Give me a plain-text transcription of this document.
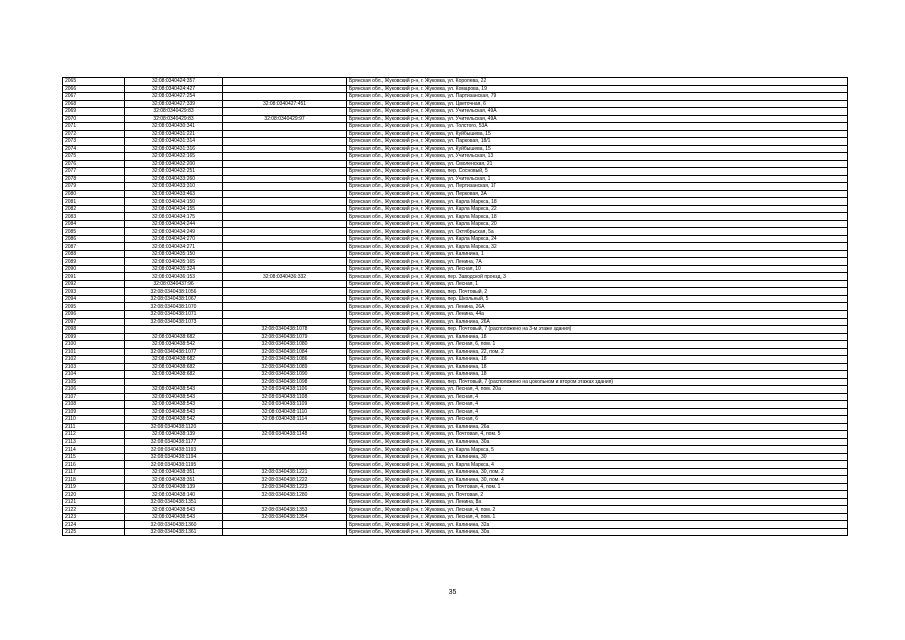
2065	32:08:0340424:357		Брянская обл., Жуковский р-н, г. Жуковка, ул. Королева, 22
2066	32:08:0340424:427		Брянская обл., Жуковский р-н, г. Жуковка, ул. Комарова, 19
2067	32:08:0340427:254		Брянская обл., Жуковский р-н, г. Жуковка, ул. Партизанская, 79
2068	32:08:0340427:339	32:08:0340427:451	Брянская обл., Жуковский р-н, г. Жуковка, ул. Цветочная, 6
2069	32:08:0340429:83		Брянская обл., Жуковский р-н, г. Жуковка, ул. Учительская, 49А
2070	32:08:0340429:83	32:08:0340429:97	Брянская обл., Жуковский р-н, г. Жуковка, ул. Учительская, 49А
2071	32:08:0340430:341		Брянская обл., Жуковский р-н, г. Жуковка, ул. Толстого, 53А
2072	32:08:0340431:221		Брянская обл., Жуковский р-н, г. Жуковка, ул. Куйбышева, 15
2073	32:08:0340431:314		Брянская обл., Жуковский р-н, г. Жуковка, ул. Парковая, 18/1
2074	32:08:0340431:316		Брянская обл., Жуковский р-н, г. Жуковка, ул. Куйбышева, 15
2075	32:08:0340432:165		Брянская обл., Жуковский р-н, г. Жуковка, ул. Учительская, 13
2076	32:08:0340432:200		Брянская обл., Жуковский р-н, г. Жуковка, ул. Смоленская, 21
2077	32:08:0340432:251		Брянская обл., Жуковский р-н, г. Жуковка, пер. Сосновый, 5
2078	32:08:0340433:260		Брянская обл., Жуковский р-н, г. Жуковка, ул. Учительская, 1
2079	32:08:0340433:310		Брянская обл., Жуковский р-н, г. Жуковка, ул. Пертизанская, 1Г
2080	32:08:0340433:463		Брянская обл., Жуковский р-н, г. Жуковка, ул. Перковая, 3А
2081	32:08:0340434:150		Брянская обл., Жуковский р-н, г. Жуковка, ул. Карла Маркса, 18
2082	32:08:0340434:155		Брянская обл., Жуковский р-н, г. Жуковка, ул. Карла Маркса, 22
2083	32:08:0340434:175		Брянская обл., Жуковский р-н, г. Жуковка, ул. Карла Маркса, 18
2084	32:08:0340434:244		Брянская обл., Жуковский р-н, г. Жуковка, ул. Карла Маркса, 20
2085	32:08:0340434:249		Брянская обл., Жуковский р-н, г. Жуковка, ул. Октябрьская, 5а
2086	32:08:0340434:270		Брянская обл., Жуковский р-н, г. Жуковка, ул. Карла Маркса, 24
2087	32:08:0340434:271		Брянская обл., Жуковский р-н, г. Жуковка, ул. Карла Маркса, 32
2088	32:08:0340435:150		Брянская обл., Жуковский р-н, г. Жуковка, ул. Калинина, 1
2089	32:08:0340435:165		Брянская обл., Жуковский р-н, г. Жуковка, ул. Ленина, 7А
2090	32:08:0340435:324		Брянская обл., Жуковский р-н, г. Жуковка, ул. Лесная, 10
2091	32:08:0340436:153	32:08:0340436:332	Брянская обл., Жуковский р-н, г. Жуковка, пер. Заводской проезд, 3
2092	32:08:0340437:96		Брянская обл., Жуковский р-н, г. Жуковка, ул. Лесная, 1
2093	32:08:0340438:1056		Брянская обл., Жуковский р-н, г. Жуковка, пер. Почтовый, 2
2094	32:08:0340438:1067		Брянская обл., Жуковский р-н, г. Жуковка, пер. Школьный, 5
2095	32:08:0340438:1070		Брянская обл., Жуковский р-н, г. Жуковка, ул. Ленина, 26А
2096	32:08:0340438:1071		Брянская обл., Жуковский р-н, г. Жуковка, ул. Ленина, 44а
2097	32:08:0340438:1073		Брянская обл., Жуковский р-н, г. Жуковка, ул. Калинина, 26А
2098		32:08:0340438:1078	Брянская обл., Жуковский р-н, г. Жуковка, пер. Почтовый, 7 (расположено на 3-м этаже здания)
2099	32:08:0340438:682	32:08:0340438:1079	Брянская обл., Жуковский р-н, г. Жуковка, ул. Калинина, 18
2100	32:08:0340438:542	32:08:0340438:1080	Брянская обл., Жуковский р-н, г. Жуковка, ул. Лесная, 6, пом. 1
2101	32:08:0340438:1077	32:08:0340438:1084	Брянская обл., Жуковский р-н, г. Жуковка, ул. Калинина, 22, пом. 2
2102	32:08:0340438:682	32:08:0340438:1086	Брянская обл., Жуковский р-н, г. Жуковка, ул. Калинина, 18
2103	32:08:0340438:682	32:08:0340438:1089	Брянская обл., Жуковский р-н, г. Жуковка, ул. Калинина, 18
2104	32:08:0340438:682	32:08:0340438:1090	Брянская обл., Жуковский р-н, г. Жуковка, ул. Калинина, 18
2105		32:08:0340438:1098	Брянская обл., Жуковский р-н, г. Жуковка, пер. Почтовый, 7 (расположено на цокольном и втором этажах здания)
2106	32:08:0340438:543	32:08:0340438:1106	Брянская обл., Жуковский р-н, г. Жуковка, ул. Лесная, 4, пом. 20а
2107	32:08:0340438:543	32:08:0340438:1108	Брянская обл., Жуковский р-н, г. Жуковка, ул. Лесная, 4
2108	32:08:0340438:543	32:08:0340438:1109	Брянская обл., Жуковский р-н, г. Жуковка, ул. Лесная, 4
2109	32:08:0340438:543	32:08:0340438:1110	Брянская обл., Жуковский р-н, г. Жуковка, ул. Лесная, 4
2110	32:08:0340438:542	32:08:0340438:1114	Брянская обл., Жуковский р-н, г. Жуковка, ул. Лесная, 6
2111	32:08:0340438:1120		Брянская обл., Жуковский р-н, г. Жуковка, ул. Калинина, 26а
2112	32:08:0340438:139	32:08:0340438:1148	Брянская обл., Жуковский р-н, г. Жуковка, ул. Почтовая, 4, пом. 5
2113	32:08:0340438:1177		Брянская обл., Жуковский р-н, г. Жуковка, ул. Калинина, 30а
2114	32:08:0340438:1193		Брянская обл., Жуковский р-н, г. Жуковка, ул. Карла Маркса, 5
2115	32:08:0340438:1194		Брянская обл., Жуковский р-н, г. Жуковка, ул. Калинина, 30
2116	32:08:0340438:1195		Брянская обл., Жуковский р-н, г. Жуковка, ул. Карла Маркса, 4
2117	32:08:0340438:351	32:08:0340438:1221	Брянская обл., Жуковский р-н, г. Жуковка, ул. Калинина, 30, пом. 2
2118	32:08:0340438:351	32:08:0340438:1222	Брянская обл., Жуковский р-н, г. Жуковка, ул. Калинина, 30, пом. 4
2119	32:08:0340438:139	32:08:0340438:1223	Брянская обл., Жуковский р-н, г. Жуковка, ул. Почтовая, 4, пом. 1
2120	32:08:0340438:140	32:08:0340438:1280	Брянская обл., Жуковский р-н, г. Жуковка, ул. Почтовая, 2
2121	32:08:0340438:1351		Брянская обл., Жуковский р-н, г. Жуковка, ул. Ленина, 8а
2122	32:08:0340438:543	32:08:0340438:1353	Брянская обл., Жуковский р-н, г. Жуковка, ул. Лесная, 4, пом. 2
2123	32:08:0340438:543	32:08:0340438:1354	Брянская обл., Жуковский р-н, г. Жуковка, ул. Лесная, 4, пом. 1
2124	32:08:0340438:1360		Брянская обл., Жуковский р-н, г. Жуковка, ул. Калинина, 32а
2125	32:08:0340438:1361		Брянская обл., Жуковский р-н, г. Жуковка, ул. Калинина, 30а
35
